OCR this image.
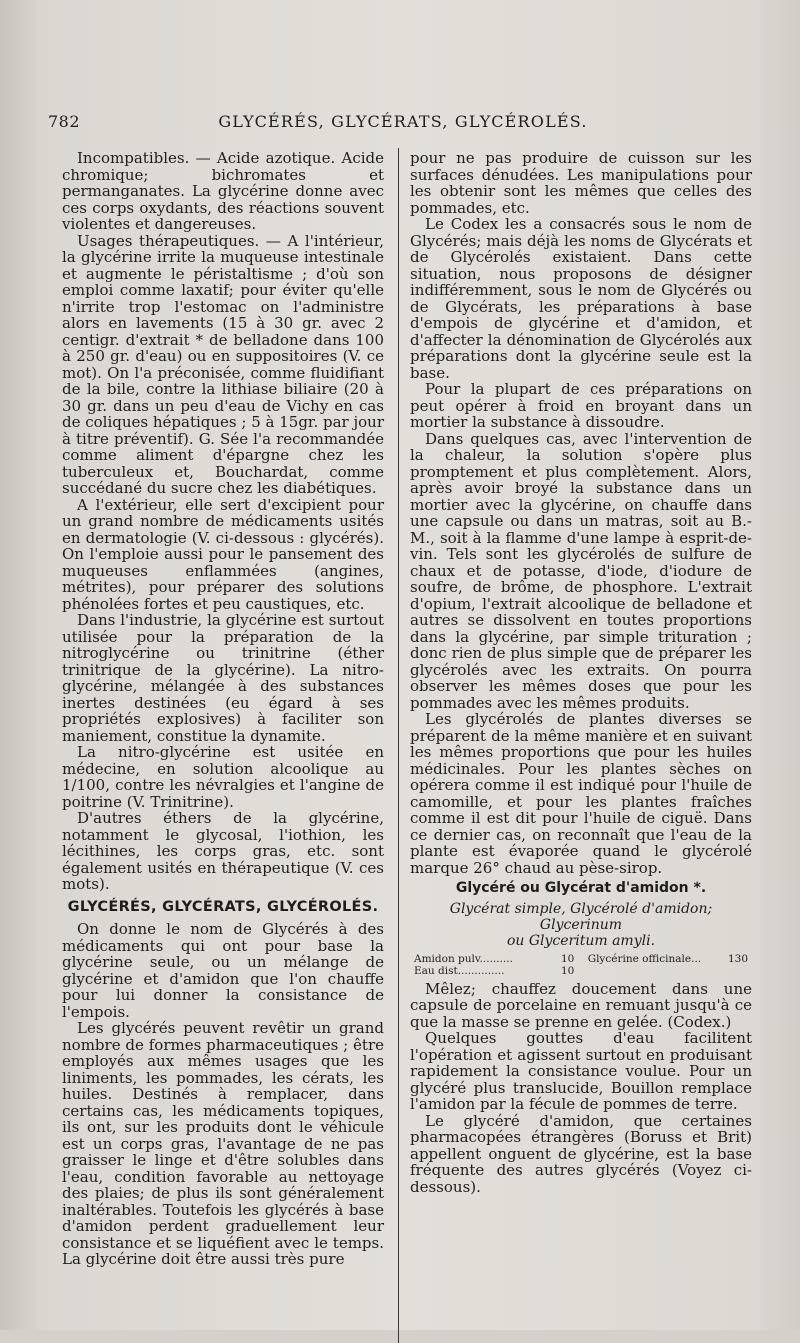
782	GLYCÉRÉS, GLYCÉRATS, GLYCÉROLÉS.

Incompatibles. — Acide azotique. Acide chromique; bichromates et permanganates. La glycérine donne avec ces corps oxydants, des réactions souvent violentes et dangereuses.

Usages thérapeutiques. — A l'intérieur, la glycérine irrite la muqueuse intestinale et augmente le péristaltisme ; d'où son emploi comme laxatif; pour éviter qu'elle n'irrite trop l'estomac on l'administre alors en lavements (15 à 30 gr. avec 2 centigr. d'extrait * de belladone dans 100 à 250 gr. d'eau) ou en suppositoires (V. ce mot). On l'a préconisée, comme fluidifiant de la bile, contre la lithiase biliaire (20 à 30 gr. dans un peu d'eau de Vichy en cas de coliques hépatiques ; 5 à 15gr. par jour à titre préventif). G. Sée l'a recommandée comme aliment d'épargne chez les tuberculeux et, Bouchardat, comme succédané du sucre chez les diabétiques.

A l'extérieur, elle sert d'excipient pour un grand nombre de médicaments usités en dermatologie (V. ci-dessous : glycérés). On l'emploie aussi pour le pansement des muqueuses enflammées (angines, métrites), pour préparer des solutions phénolées fortes et peu caustiques, etc.

Dans l'industrie, la glycérine est surtout utilisée pour la préparation de la nitroglycérine ou trinitrine (éther trinitrique de la glycérine). La nitro-glycérine, mélangée à des substances inertes destinées (eu égard à ses propriétés explosives) à faciliter son maniement, constitue la dynamite.

La nitro-glycérine est usitée en médecine, en solution alcoolique au 1/100, contre les névralgies et l'angine de poitrine (V. Trinitrine).

D'autres éthers de la glycérine, notamment le glycosal, l'iothion, les lécithines, les corps gras, etc. sont également usités en thérapeutique (V. ces mots).

GLYCÉRÉS, GLYCÉRATS, GLYCÉROLÉS.

On donne le nom de Glycérés à des médicaments qui ont pour base la glycérine seule, ou un mélange de glycérine et d'amidon que l'on chauffe pour lui donner la consistance de l'empois.

Les glycérés peuvent revêtir un grand nombre de formes pharmaceutiques ; être employés aux mêmes usages que les liniments, les pommades, les cérats, les huiles. Destinés à remplacer, dans certains cas, les médicaments topiques, ils ont, sur les produits dont le véhicule est un corps gras, l'avantage de ne pas graisser le linge et d'être solubles dans l'eau, condition favorable au nettoyage des plaies; de plus ils sont généralement inaltérables. Toutefois les glycérés à base d'amidon perdent graduellement leur consistance et se liquéfient avec le temps. La glycérine doit être aussi très pure

pour ne pas produire de cuisson sur les surfaces dénudées. Les manipulations pour les obtenir sont les mêmes que celles des pommades, etc.

Le Codex les a consacrés sous le nom de Glycérés; mais déjà les noms de Glycérats et de Glycérolés existaient. Dans cette situation, nous proposons de désigner indifféremment, sous le nom de Glycérés ou de Glycérats, les préparations à base d'empois de glycérine et d'amidon, et d'affecter la dénomination de Glycérolés aux préparations dont la glycérine seule est la base.

Pour la plupart de ces préparations on peut opérer à froid en broyant dans un mortier la substance à dissoudre.

Dans quelques cas, avec l'intervention de la chaleur, la solution s'opère plus promptement et plus complètement. Alors, après avoir broyé la substance dans un mortier avec la glycérine, on chauffe dans une capsule ou dans un matras, soit au B.-M., soit à la flamme d'une lampe à esprit-de-vin. Tels sont les glycérolés de sulfure de chaux et de potasse, d'iode, d'iodure de soufre, de brôme, de phosphore. L'extrait d'opium, l'extrait alcoolique de belladone et autres se dissolvent en toutes proportions dans la glycérine, par simple trituration ; donc rien de plus simple que de préparer les glycérolés avec les extraits. On pourra observer les mêmes doses que pour les pommades avec les mêmes produits.

Les glycérolés de plantes diverses se préparent de la même manière et en suivant les mêmes proportions que pour les huiles médicinales. Pour les plantes sèches on opérera comme il est indiqué pour l'huile de camomille, et pour les plantes fraîches comme il est dit pour l'huile de ciguë. Dans ce dernier cas, on reconnaît que l'eau de la plante est évaporée quand le glycérolé marque 26° chaud au pèse-sirop.

Glycéré ou Glycérat d'amidon *.
Glycérat simple, Glycérolé d'amidon; Glycerinum
ou Glyceritum amyli.
Amidon pulv..........	10
Eau dist..............	10
Glycérine officinale...	130

Mêlez; chauffez doucement dans une capsule de porcelaine en remuant jusqu'à ce que la masse se prenne en gelée. (Codex.)

Quelques gouttes d'eau facilitent l'opération et agissent surtout en produisant rapidement la consistance voulue. Pour un glycéré plus translucide, Bouillon remplace l'amidon par la fécule de pommes de terre.

Le glycéré d'amidon, que certaines pharmacopées étrangères (Boruss et Brit) appellent onguent de glycérine, est la base fréquente des autres glycérés (Voyez ci-dessous).
